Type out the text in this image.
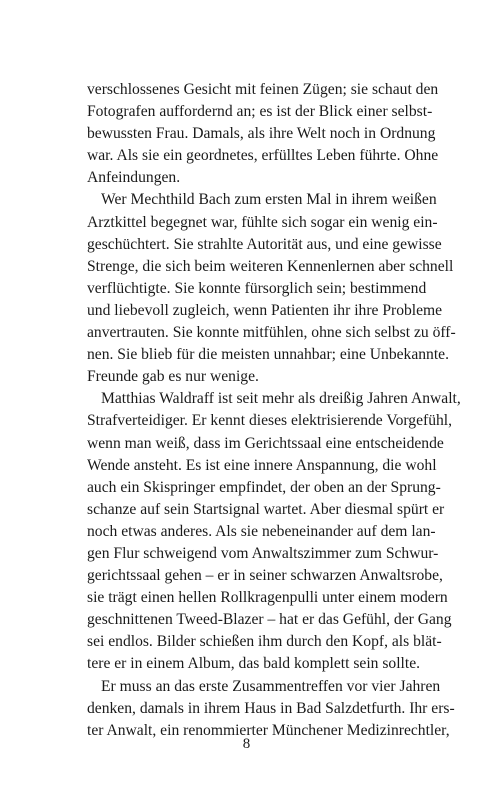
verschlossenes Gesicht mit feinen Zügen; sie schaut den
Fotografen auffordernd an; es ist der Blick einer selbst-
bewussten Frau. Damals, als ihre Welt noch in Ordnung
war. Als sie ein geordnetes, erfülltes Leben führte. Ohne
Anfeindungen.
Wer Mechthild Bach zum ersten Mal in ihrem weißen
Arztkittel begegnet war, fühlte sich sogar ein wenig ein-
geschüchtert. Sie strahlte Autorität aus, und eine gewisse
Strenge, die sich beim weiteren Kennenlernen aber schnell
verflüchtigte. Sie konnte fürsorglich sein; bestimmend
und liebevoll zugleich, wenn Patienten ihr ihre Probleme
anvertrauten. Sie konnte mitfühlen, ohne sich selbst zu öff-
nen. Sie blieb für die meisten unnahbar; eine Unbekannte.
Freunde gab es nur wenige.
Matthias Waldraff ist seit mehr als dreißig Jahren Anwalt,
Strafverteidiger. Er kennt dieses elektrisierende Vorgefühl,
wenn man weiß, dass im Gerichtssaal eine entscheidende
Wende ansteht. Es ist eine innere Anspannung, die wohl
auch ein Skispringer empfindet, der oben an der Sprung-
schanze auf sein Startsignal wartet. Aber diesmal spürt er
noch etwas anderes. Als sie nebeneinander auf dem lan-
gen Flur schweigend vom Anwaltszimmer zum Schwur-
gerichtssaal gehen – er in seiner schwarzen Anwaltsrobe,
sie trägt einen hellen Rollkragenpulli unter einem modern
geschnittenen Tweed-Blazer – hat er das Gefühl, der Gang
sei endlos. Bilder schießen ihm durch den Kopf, als blät-
tere er in einem Album, das bald komplett sein sollte.
Er muss an das erste Zusammentreffen vor vier Jahren
denken, damals in ihrem Haus in Bad Salzdetfurth. Ihr ers-
ter Anwalt, ein renommierter Münchener Medizinrechtler,
8
